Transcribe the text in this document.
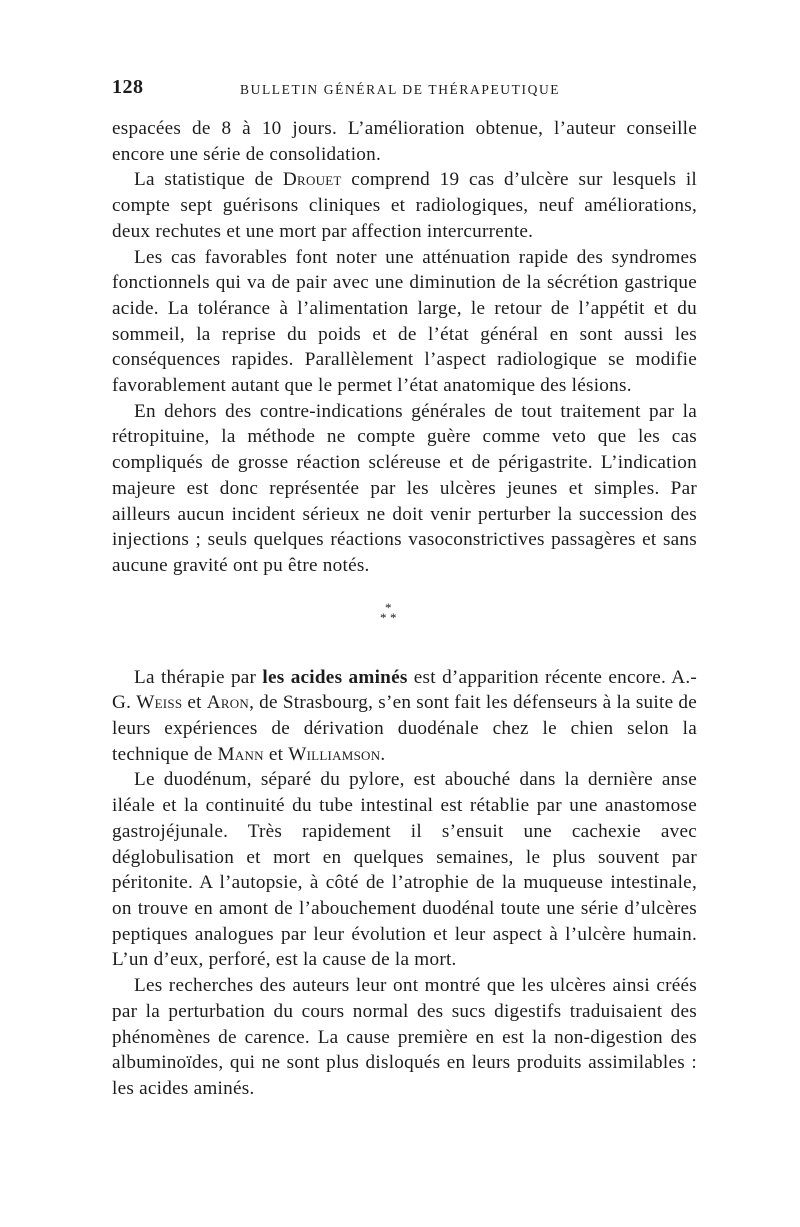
128	BULLETIN GÉNÉRAL DE THÉRAPEUTIQUE

espacées de 8 à 10 jours. L’amélioration obtenue, l’auteur conseille encore une série de consolidation.

La statistique de Drouet comprend 19 cas d’ulcère sur lesquels il compte sept guérisons cliniques et radiologiques, neuf améliorations, deux rechutes et une mort par affection intercurrente.

Les cas favorables font noter une atténuation rapide des syndromes fonctionnels qui va de pair avec une diminution de la sécrétion gastrique acide. La tolérance à l’alimentation large, le retour de l’appétit et du sommeil, la reprise du poids et de l’état général en sont aussi les conséquences rapides. Parallèlement l’aspect radiologique se modifie favorablement autant que le permet l’état anatomique des lésions.

En dehors des contre-indications générales de tout traitement par la rétropituine, la méthode ne compte guère comme veto que les cas compliqués de grosse réaction scléreuse et de périgastrite. L’indication majeure est donc représentée par les ulcères jeunes et simples. Par ailleurs aucun incident sérieux ne doit venir perturber la succession des injections ; seuls quelques réactions vasoconstrictives passagères et sans aucune gravité ont pu être notés.

*
* *

La thérapie par les acides aminés est d’apparition récente encore. A.-G. Weiss et Aron, de Strasbourg, s’en sont fait les défenseurs à la suite de leurs expériences de dérivation duodénale chez le chien selon la technique de Mann et Williamson.

Le duodénum, séparé du pylore, est abouché dans la dernière anse iléale et la continuité du tube intestinal est rétablie par une anastomose gastrojéjunale. Très rapidement il s’ensuit une cachexie avec déglobulisation et mort en quelques semaines, le plus souvent par péritonite. A l’autopsie, à côté de l’atrophie de la muqueuse intestinale, on trouve en amont de l’abouchement duodénal toute une série d’ulcères peptiques analogues par leur évolution et leur aspect à l’ulcère humain. L’un d’eux, perforé, est la cause de la mort.

Les recherches des auteurs leur ont montré que les ulcères ainsi créés par la perturbation du cours normal des sucs digestifs traduisaient des phénomènes de carence. La cause première en est la non-digestion des albuminoïdes, qui ne sont plus disloqués en leurs produits assimilables : les acides aminés.
